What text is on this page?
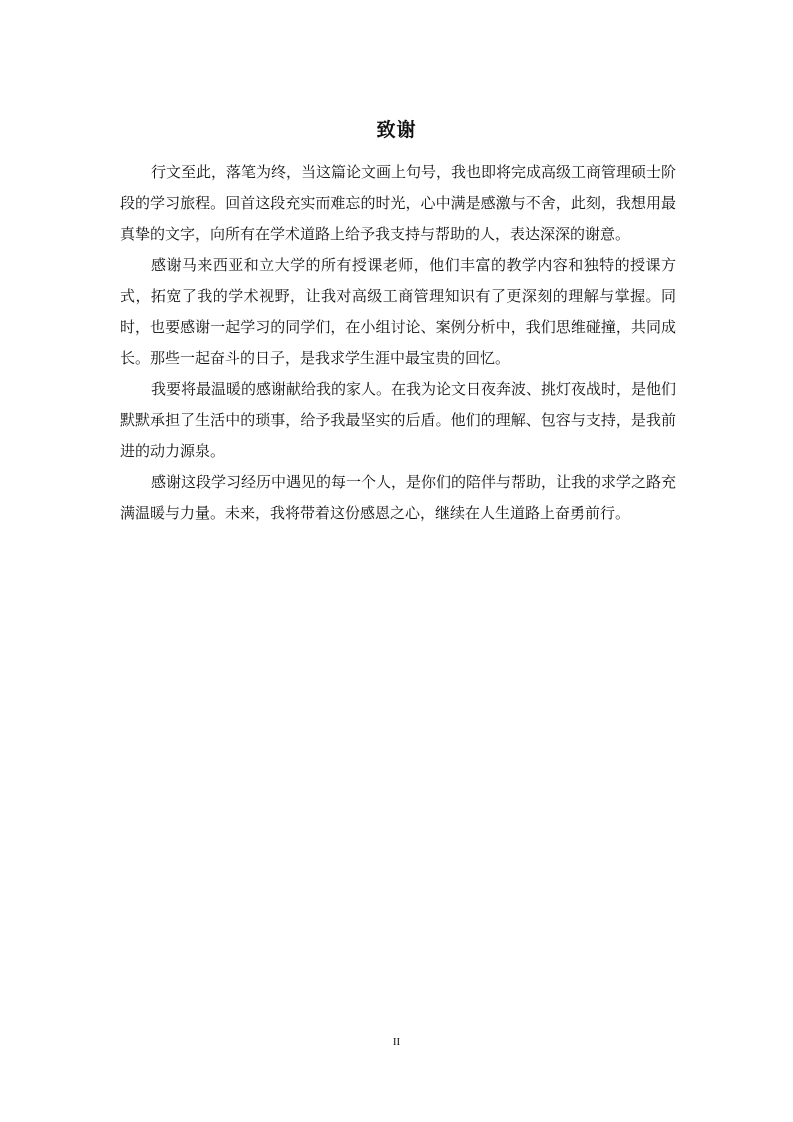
致谢

行文至此，落笔为终，当这篇论文画上句号，我也即将完成高级工商管理硕士阶段的学习旅程。回首这段充实而难忘的时光，心中满是感激与不舍，此刻，我想用最真挚的文字，向所有在学术道路上给予我支持与帮助的人，表达深深的谢意。

感谢马来西亚和立大学的所有授课老师，他们丰富的教学内容和独特的授课方式，拓宽了我的学术视野，让我对高级工商管理知识有了更深刻的理解与掌握。同时，也要感谢一起学习的同学们，在小组讨论、案例分析中，我们思维碰撞，共同成长。那些一起奋斗的日子，是我求学生涯中最宝贵的回忆。

我要将最温暖的感谢献给我的家人。在我为论文日夜奔波、挑灯夜战时，是他们默默承担了生活中的琐事，给予我最坚实的后盾。他们的理解、包容与支持，是我前进的动力源泉。

感谢这段学习经历中遇见的每一个人，是你们的陪伴与帮助，让我的求学之路充满温暖与力量。未来，我将带着这份感恩之心，继续在人生道路上奋勇前行。

II
